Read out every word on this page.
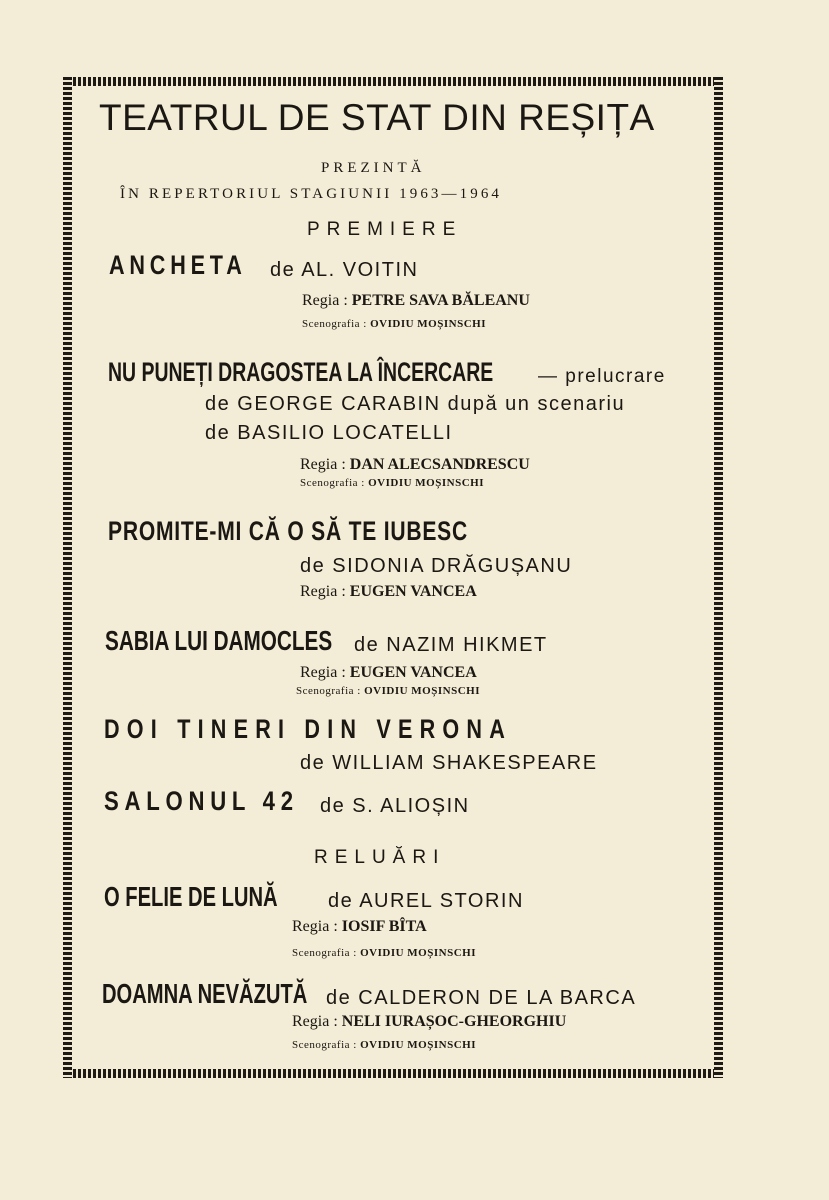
TEATRUL DE STAT DIN REȘIȚA
PREZINTĂ
ÎN REPERTORIUL STAGIUNII 1963—1964
PREMIERE
ANCHETA	de AL. VOITIN
Regia : PETRE SAVA BĂLEANU
Scenografia : OVIDIU MOȘINSCHI
NU PUNEȚI DRAGOSTEA LA ÎNCERCARE	— prelucrare
de GEORGE CARABIN după un scenariu
de BASILIO LOCATELLI
Regia : DAN ALECSANDRESCU
Scenografia : OVIDIU MOȘINSCHI
PROMITE-MI CĂ O SĂ TE IUBESC
de SIDONIA DRĂGUȘANU
Regia : EUGEN VANCEA
SABIA LUI DAMOCLES	de NAZIM HIKMET
Regia : EUGEN VANCEA
Scenografia : OVIDIU MOȘINSCHI
DOI TINERI DIN VERONA
de WILLIAM SHAKESPEARE
SALONUL 42	de S. ALIOȘIN
RELUĂRI
O FELIE DE LUNĂ	de AUREL STORIN
Regia : IOSIF BÎTA
Scenografia : OVIDIU MOȘINSCHI
DOAMNA NEVĂZUTĂ de CALDERON DE LA BARCA
Regia : NELI IURAȘOC-GHEORGHIU
Scenografia : OVIDIU MOȘINSCHI
